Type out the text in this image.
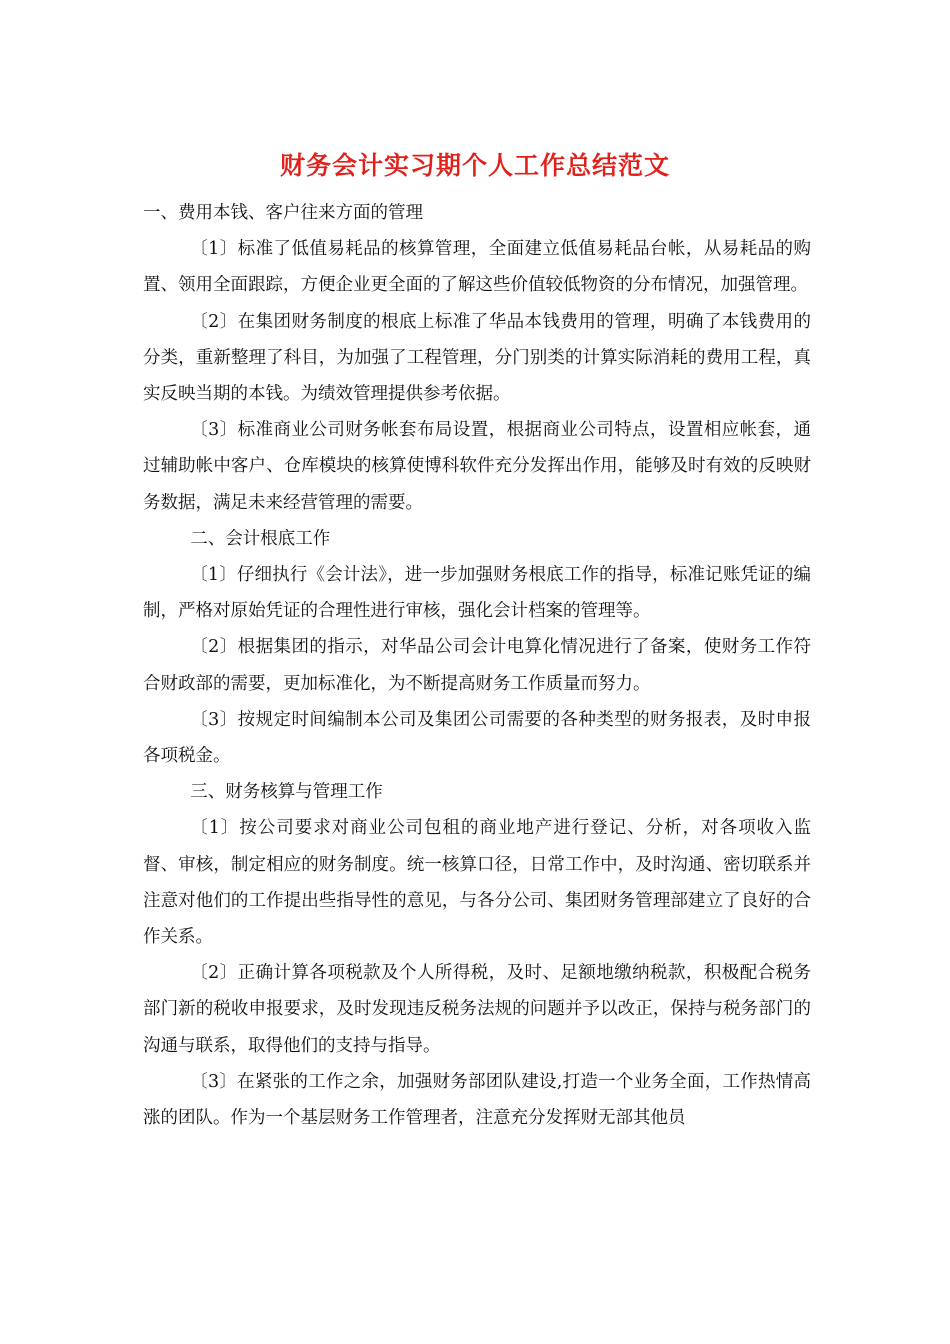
财务会计实习期个人工作总结范文

一、费用本钱、客户往来方面的管理

〔1〕标准了低值易耗品的核算管理，全面建立低值易耗品台帐，从易耗品的购置、领用全面跟踪，方便企业更全面的了解这些价值较低物资的分布情况，加强管理。

〔2〕在集团财务制度的根底上标准了华品本钱费用的管理，明确了本钱费用的分类，重新整理了科目，为加强了工程管理，分门别类的计算实际消耗的费用工程，真实反映当期的本钱。为绩效管理提供参考依据。

〔3〕标准商业公司财务帐套布局设置，根据商业公司特点，设置相应帐套，通过辅助帐中客户、仓库模块的核算使博科软件充分发挥出作用，能够及时有效的反映财务数据，满足未来经营管理的需要。

二、会计根底工作

〔1〕仔细执行《会计法》，进一步加强财务根底工作的指导，标准记账凭证的编制，严格对原始凭证的合理性进行审核，强化会计档案的管理等。

〔2〕根据集团的指示，对华品公司会计电算化情况进行了备案，使财务工作符合财政部的需要，更加标准化，为不断提高财务工作质量而努力。

〔3〕按规定时间编制本公司及集团公司需要的各种类型的财务报表，及时申报各项税金。

三、财务核算与管理工作

〔1〕按公司要求对商业公司包租的商业地产进行登记、分析，对各项收入监督、审核，制定相应的财务制度。统一核算口径，日常工作中，及时沟通、密切联系并注意对他们的工作提出些指导性的意见，与各分公司、集团财务管理部建立了良好的合作关系。

〔2〕正确计算各项税款及个人所得税，及时、足额地缴纳税款，积极配合税务部门新的税收申报要求，及时发现违反税务法规的问题并予以改正，保持与税务部门的沟通与联系，取得他们的支持与指导。

〔3〕在紧张的工作之余，加强财务部团队建设,打造一个业务全面，工作热情高涨的团队。作为一个基层财务工作管理者，注意充分发挥财无部其他员
